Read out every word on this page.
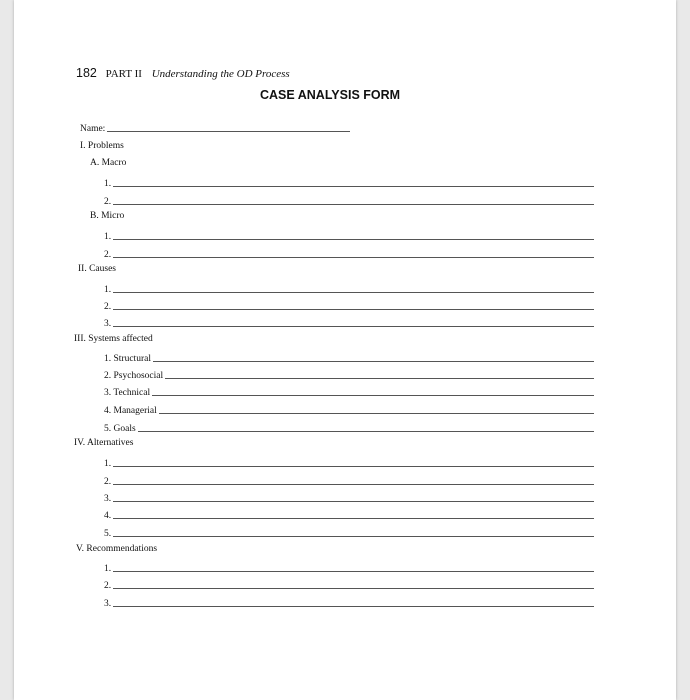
182 PART II Understanding the OD Process
CASE ANALYSIS FORM
Name:
I. Problems
A. Macro
1.
2.
B. Micro
1.
2.
II. Causes
1.
2.
3.
III. Systems affected
1. Structural
2. Psychosocial
3. Technical
4. Managerial
5. Goals
IV. Alternatives
1.
2.
3.
4.
5.
V. Recommendations
1.
2.
3.
